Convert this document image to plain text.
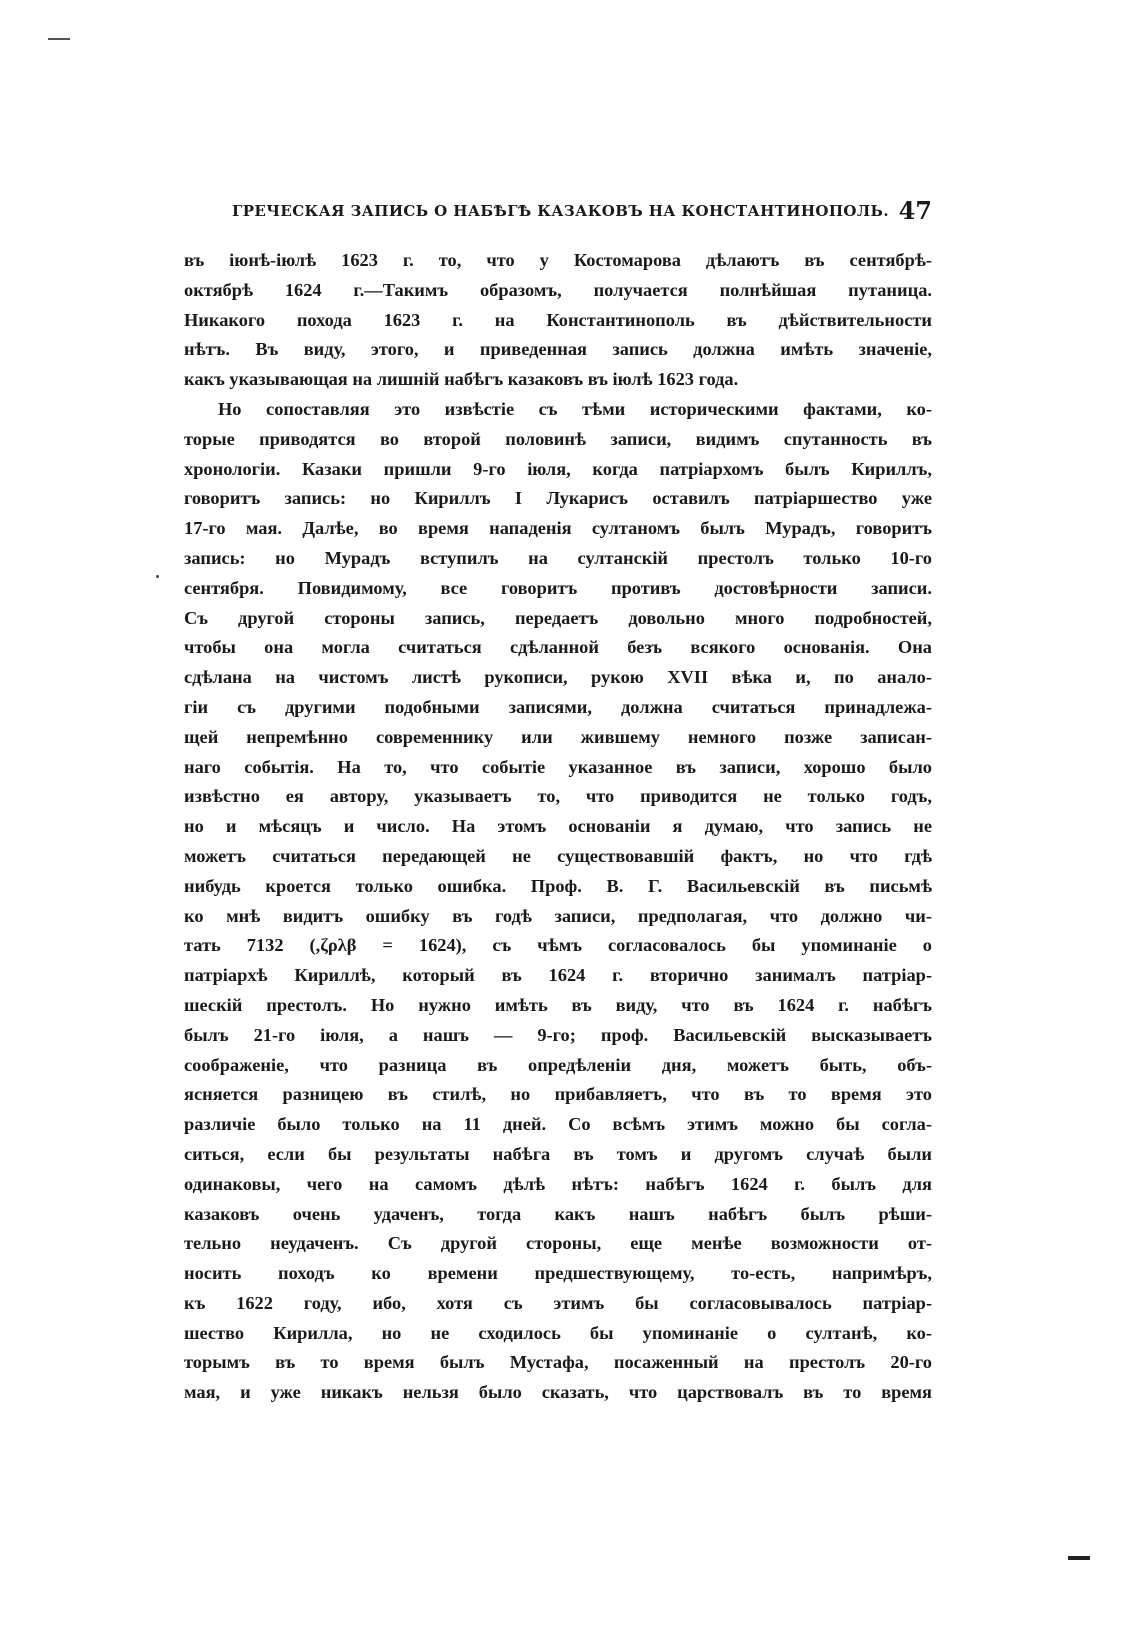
ГРЕЧЕСКАЯ ЗАПИСЬ О НАБѢГѢ КАЗАКОВЪ НА КОНСТАНТИНОПОЛЬ. 47
въ іюнѣ-іюлѣ 1623 г. то, что у Костомарова дѣлаютъ въ сентябрѣ-
октябрѣ 1624 г.—Такимъ образомъ, получается полнѣйшая путаница.
Никакого похода 1623 г. на Константинополь въ дѣйствительности
нѣтъ. Въ виду, этого, и приведенная запись должна имѣть значеніе,
какъ указывающая на лишній набѣгъ казаковъ въ іюлѣ 1623 года.
Но сопоставляя это извѣстіе съ тѣми историческими фактами, ко-
торые приводятся во второй половинѣ записи, видимъ спутанность въ
хронологіи. Казаки пришли 9-го іюля, когда патріархомъ былъ Кириллъ,
говоритъ запись: но Кириллъ I Лукарисъ оставилъ патріаршество уже
17-го мая. Далѣе, во время нападенія султаномъ былъ Мурадъ, говоритъ
запись: но Мурадъ вступилъ на султанскій престолъ только 10-го
сентября. Повидимому, все говоритъ противъ достовѣрности записи.
Съ другой стороны запись, передаетъ довольно много подробностей,
чтобы она могла считаться сдѣланной безъ всякого основанія. Она
сдѣлана на чистомъ листѣ рукописи, рукою XVII вѣка и, по анало-
гіи съ другими подобными записями, должна считаться принадлежа-
щей непремѣнно современнику или жившему немного позже записан-
наго событія. На то, что событіе указанное въ записи, хорошо было
извѣстно ея автору, указываетъ то, что приводится не только годъ,
но и мѣсяцъ и число. На этомъ основаніи я думаю, что запись не
можетъ считаться передающей не существовавшій фактъ, но что гдѣ
нибудь кроется только ошибка. Проф. В. Г. Васильевскій въ письмѣ
ко мнѣ видитъ ошибку въ годѣ записи, предполагая, что должно чи-
тать 7132 (,ζρλβ = 1624), съ чѣмъ согласовалось бы упоминаніе о
патріархѣ Кириллѣ, который въ 1624 г. вторично занималъ патріар-
шескій престолъ. Но нужно имѣть въ виду, что въ 1624 г. набѣгъ
былъ 21-го іюля, а нашъ — 9-го; проф. Васильевскій высказываетъ
соображеніе, что разница въ опредѣленіи дня, можетъ быть, объ-
ясняется разницею въ стилѣ, но прибавляетъ, что въ то время это
различіе было только на 11 дней. Со всѣмъ этимъ можно бы согла-
ситься, если бы результаты набѣга въ томъ и другомъ случаѣ были
одинаковы, чего на самомъ дѣлѣ нѣтъ: набѣгъ 1624 г. былъ для
казаковъ очень удаченъ, тогда какъ нашъ набѣгъ былъ рѣши-
тельно неудаченъ. Съ другой стороны, еще менѣе возможности от-
носить походъ ко времени предшествующему, то-есть, напримѣръ,
къ 1622 году, ибо, хотя съ этимъ бы согласовывалось патріар-
шество Кирилла, но не сходилось бы упоминаніе о султанѣ, ко-
торымъ въ то время былъ Мустафа, посаженный на престолъ 20-го
мая, и уже никакъ нельзя было сказать, что царствовалъ въ то время
